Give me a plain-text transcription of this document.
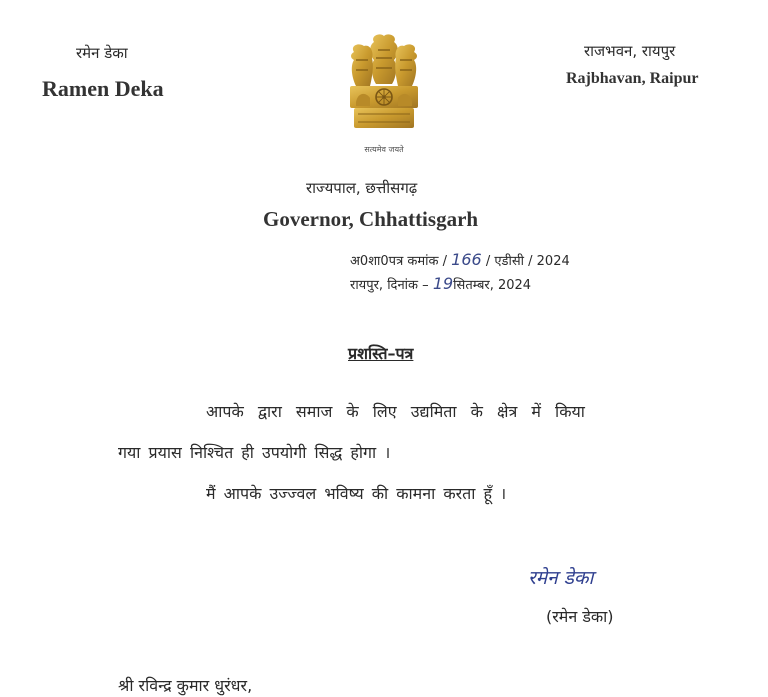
रमेन डेका
Ramen Deka
राजभवन, रायपुर
Rajbhavan, Raipur
सत्यमेव जयते
राज्यपाल, छत्तीसगढ़
Governor, Chhattisgarh
अ0शा0पत्र कमांक / 166 / एडीसी / 2024
रायपुर, दिनांक – 19सितम्बर, 2024
प्रशस्ति–पत्र
आपके द्वारा समाज के लिए उद्यमिता के क्षेत्र में किया
गया प्रयास निश्चित ही उपयोगी सिद्ध होगा ।
मैं आपके उज्ज्वल भविष्य की कामना करता हूँ ।
रमेन डेका
(रमेन डेका)
श्री रविन्द्र कुमार धुरंधर,
